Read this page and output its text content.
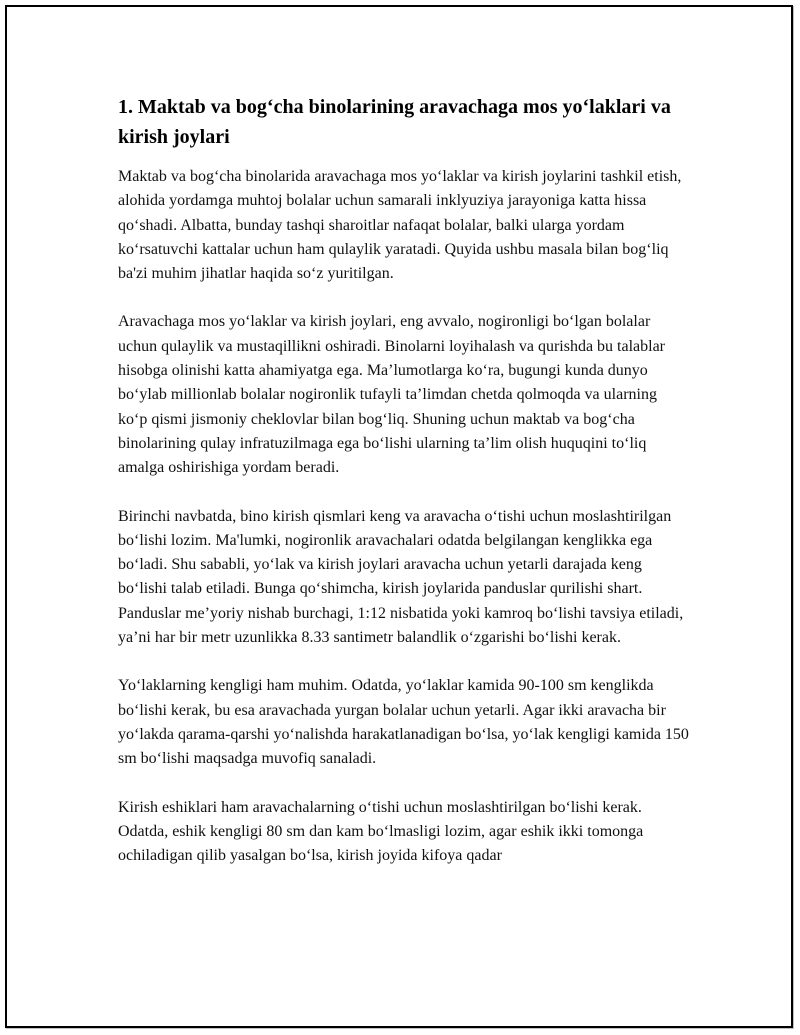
1. Maktab va bog‘cha binolarining aravachaga mos yo‘laklari va kirish joylari

Maktab va bog‘cha binolarida aravachaga mos yo‘laklar va kirish joylarini tashkil etish, alohida yordamga muhtoj bolalar uchun samarali inklyuziya jarayoniga katta hissa qo‘shadi. Albatta, bunday tashqi sharoitlar nafaqat bolalar, balki ularga yordam ko‘rsatuvchi kattalar uchun ham qulaylik yaratadi. Quyida ushbu masala bilan bog‘liq ba'zi muhim jihatlar haqida so‘z yuritilgan.

Aravachaga mos yo‘laklar va kirish joylari, eng avvalo, nogironligi bo‘lgan bolalar uchun qulaylik va mustaqillikni oshiradi. Binolarni loyihalash va qurishda bu talablar hisobga olinishi katta ahamiyatga ega. Ma’lumotlarga ko‘ra, bugungi kunda dunyo bo‘ylab millionlab bolalar nogironlik tufayli ta’limdan chetda qolmoqda va ularning ko‘p qismi jismoniy cheklovlar bilan bog‘liq. Shuning uchun maktab va bog‘cha binolarining qulay infratuzilmaga ega bo‘lishi ularning ta’lim olish huquqini to‘liq amalga oshirishiga yordam beradi.

Birinchi navbatda, bino kirish qismlari keng va aravacha o‘tishi uchun moslashtirilgan bo‘lishi lozim. Ma'lumki, nogironlik aravachalari odatda belgilangan kenglikka ega bo‘ladi. Shu sababli, yo‘lak va kirish joylari aravacha uchun yetarli darajada keng bo‘lishi talab etiladi. Bunga qo‘shimcha, kirish joylarida panduslar qurilishi shart. Panduslar me’yoriy nishab burchagi, 1:12 nisbatida yoki kamroq bo‘lishi tavsiya etiladi, ya’ni har bir metr uzunlikka 8.33 santimetr balandlik o‘zgarishi bo‘lishi kerak.

Yo‘laklarning kengligi ham muhim. Odatda, yo‘laklar kamida 90-100 sm kenglikda bo‘lishi kerak, bu esa aravachada yurgan bolalar uchun yetarli. Agar ikki aravacha bir yo‘lakda qarama-qarshi yo‘nalishda harakatlanadigan bo‘lsa, yo‘lak kengligi kamida 150 sm bo‘lishi maqsadga muvofiq sanaladi.

Kirish eshiklari ham aravachalarning o‘tishi uchun moslashtirilgan bo‘lishi kerak. Odatda, eshik kengligi 80 sm dan kam bo‘lmasligi lozim, agar eshik ikki tomonga ochiladigan qilib yasalgan bo‘lsa, kirish joyida kifoya qadar
